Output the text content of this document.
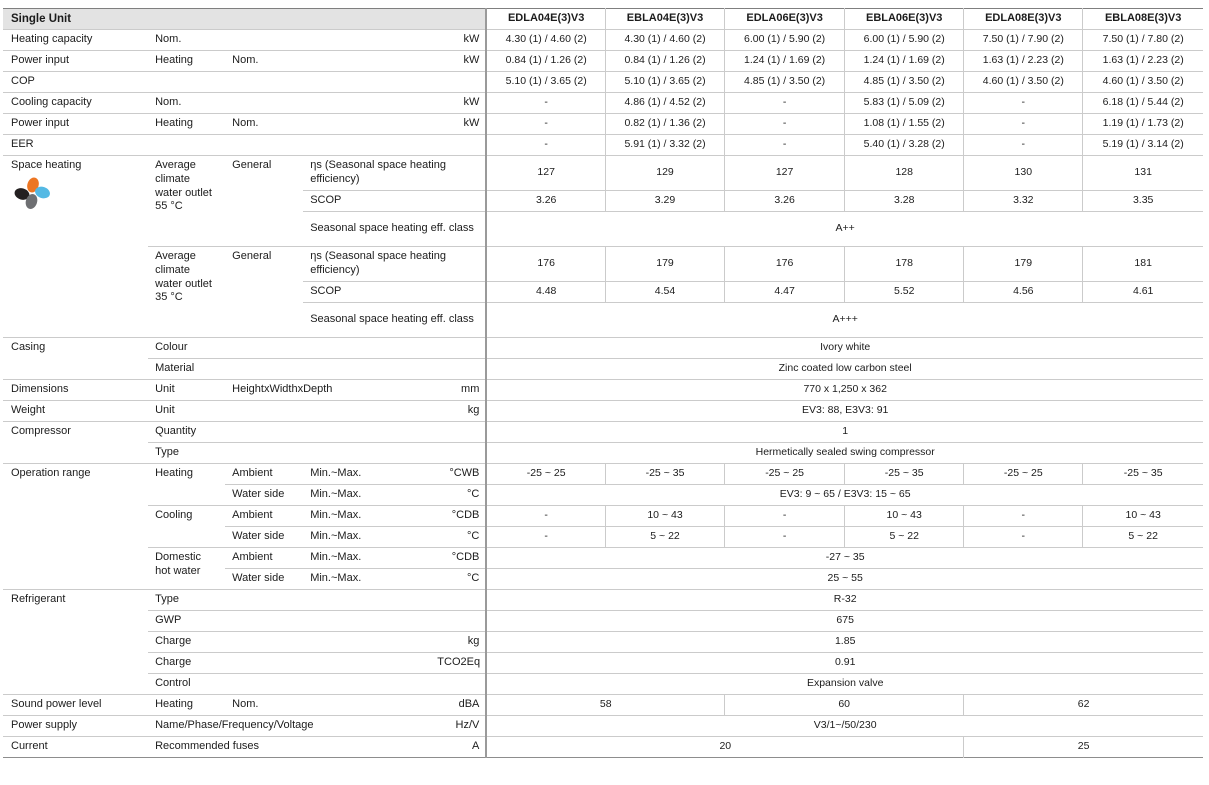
Single Unit					EDLA04E(3)V3	EBLA04E(3)V3	EDLA06E(3)V3	EBLA06E(3)V3	EDLA08E(3)V3	EBLA08E(3)V3
Heating capacity	Nom.			kW	4.30 (1) / 4.60 (2)	4.30 (1) / 4.60 (2)	6.00 (1) / 5.90 (2)	6.00 (1) / 5.90 (2)	7.50 (1) / 7.90 (2)	7.50 (1) / 7.80 (2)
Power input	Heating	Nom.		kW	0.84 (1) / 1.26 (2)	0.84 (1) / 1.26 (2)	1.24 (1) / 1.69 (2)	1.24 (1) / 1.69 (2)	1.63 (1) / 2.23 (2)	1.63 (1) / 2.23 (2)
COP					5.10 (1) / 3.65 (2)	5.10 (1) / 3.65 (2)	4.85 (1) / 3.50 (2)	4.85 (1) / 3.50 (2)	4.60 (1) / 3.50 (2)	4.60 (1) / 3.50 (2)
Cooling capacity	Nom.			kW	-	4.86 (1) / 4.52 (2)	-	5.83 (1) / 5.09 (2)	-	6.18 (1) / 5.44 (2)
Power input	Heating	Nom.		kW	-	0.82 (1) / 1.36 (2)	-	1.08 (1) / 1.55 (2)	-	1.19 (1) / 1.73 (2)
EER					-	5.91 (1) / 3.32 (2)	-	5.40 (1) / 3.28 (2)	-	5.19 (1) / 3.14 (2)

Space heating	Average climate water outlet 55 °C	General	ηs (Seasonal space heating efficiency)		127	129	127	128	130	131
			SCOP		3.26	3.29	3.26	3.28	3.32	3.35
			Seasonal space heating eff. class		A++					
	Average climate water outlet 35 °C	General	ηs (Seasonal space heating efficiency)		176	179	176	178	179	181
			SCOP		4.48	4.54	4.47	5.52	4.56	4.61
			Seasonal space heating eff. class		A+++					
Casing	Colour				Ivory white					
	Material				Zinc coated low carbon steel					
Dimensions	Unit	HeightxWidthxDepth		mm	770 x 1,250 x 362					
Weight	Unit			kg	EV3: 88, E3V3: 91					
Compressor	Quantity				1					
	Type				Hermetically sealed swing compressor					
Operation range	Heating	Ambient	Min.~Max.	°CWB	-25 ~ 25	-25 ~ 35	-25 ~ 25	-25 ~ 35	-25 ~ 25	-25 ~ 35
		Water side	Min.~Max.	°C	EV3: 9 ~ 65 / E3V3: 15 ~ 65					
	Cooling	Ambient	Min.~Max.	°CDB	-	10 ~ 43	-	10 ~ 43	-	10 ~ 43
		Water side	Min.~Max.	°C	-	5 ~ 22	-	5 ~ 22	-	5 ~ 22
	Domestic hot water	Ambient	Min.~Max.	°CDB	-27 ~ 35					
		Water side	Min.~Max.	°C	25 ~ 55					
Refrigerant	Type				R-32					
	GWP				675					
	Charge			kg	1.85					
	Charge			TCO2Eq	0.91					
	Control				Expansion valve					
Sound power level	Heating	Nom.		dBA	58		60		62	
Power supply	Name/Phase/Frequency/Voltage			Hz/V	V3/1~/50/230					
Current	Recommended fuses			A	20				25	
